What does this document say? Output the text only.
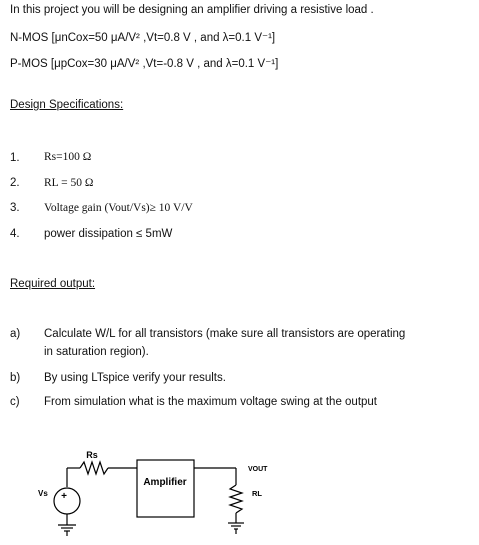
In this project you will be designing an amplifier driving a resistive load .
N-MOS [μnCox=50 μA/V² ,Vt=0.8 V , and λ=0.1 V⁻¹]
P-MOS [μpCox=30 μA/V² ,Vt=-0.8 V , and λ=0.1 V⁻¹]
Design Specifications:
1. Rs=100 Ω
2. RL = 50 Ω
3. Voltage gain (Vout/Vs)≥ 10 V/V
4. power dissipation ≤ 5mW
Required output:
a) Calculate W/L for all transistors (make sure all transistors are operating
in saturation region).
b) By using LTspice verify your results.
c) From simulation what is the maximum voltage swing at the output
+
Rs
Amplifier
VOUT
RL
Vs
